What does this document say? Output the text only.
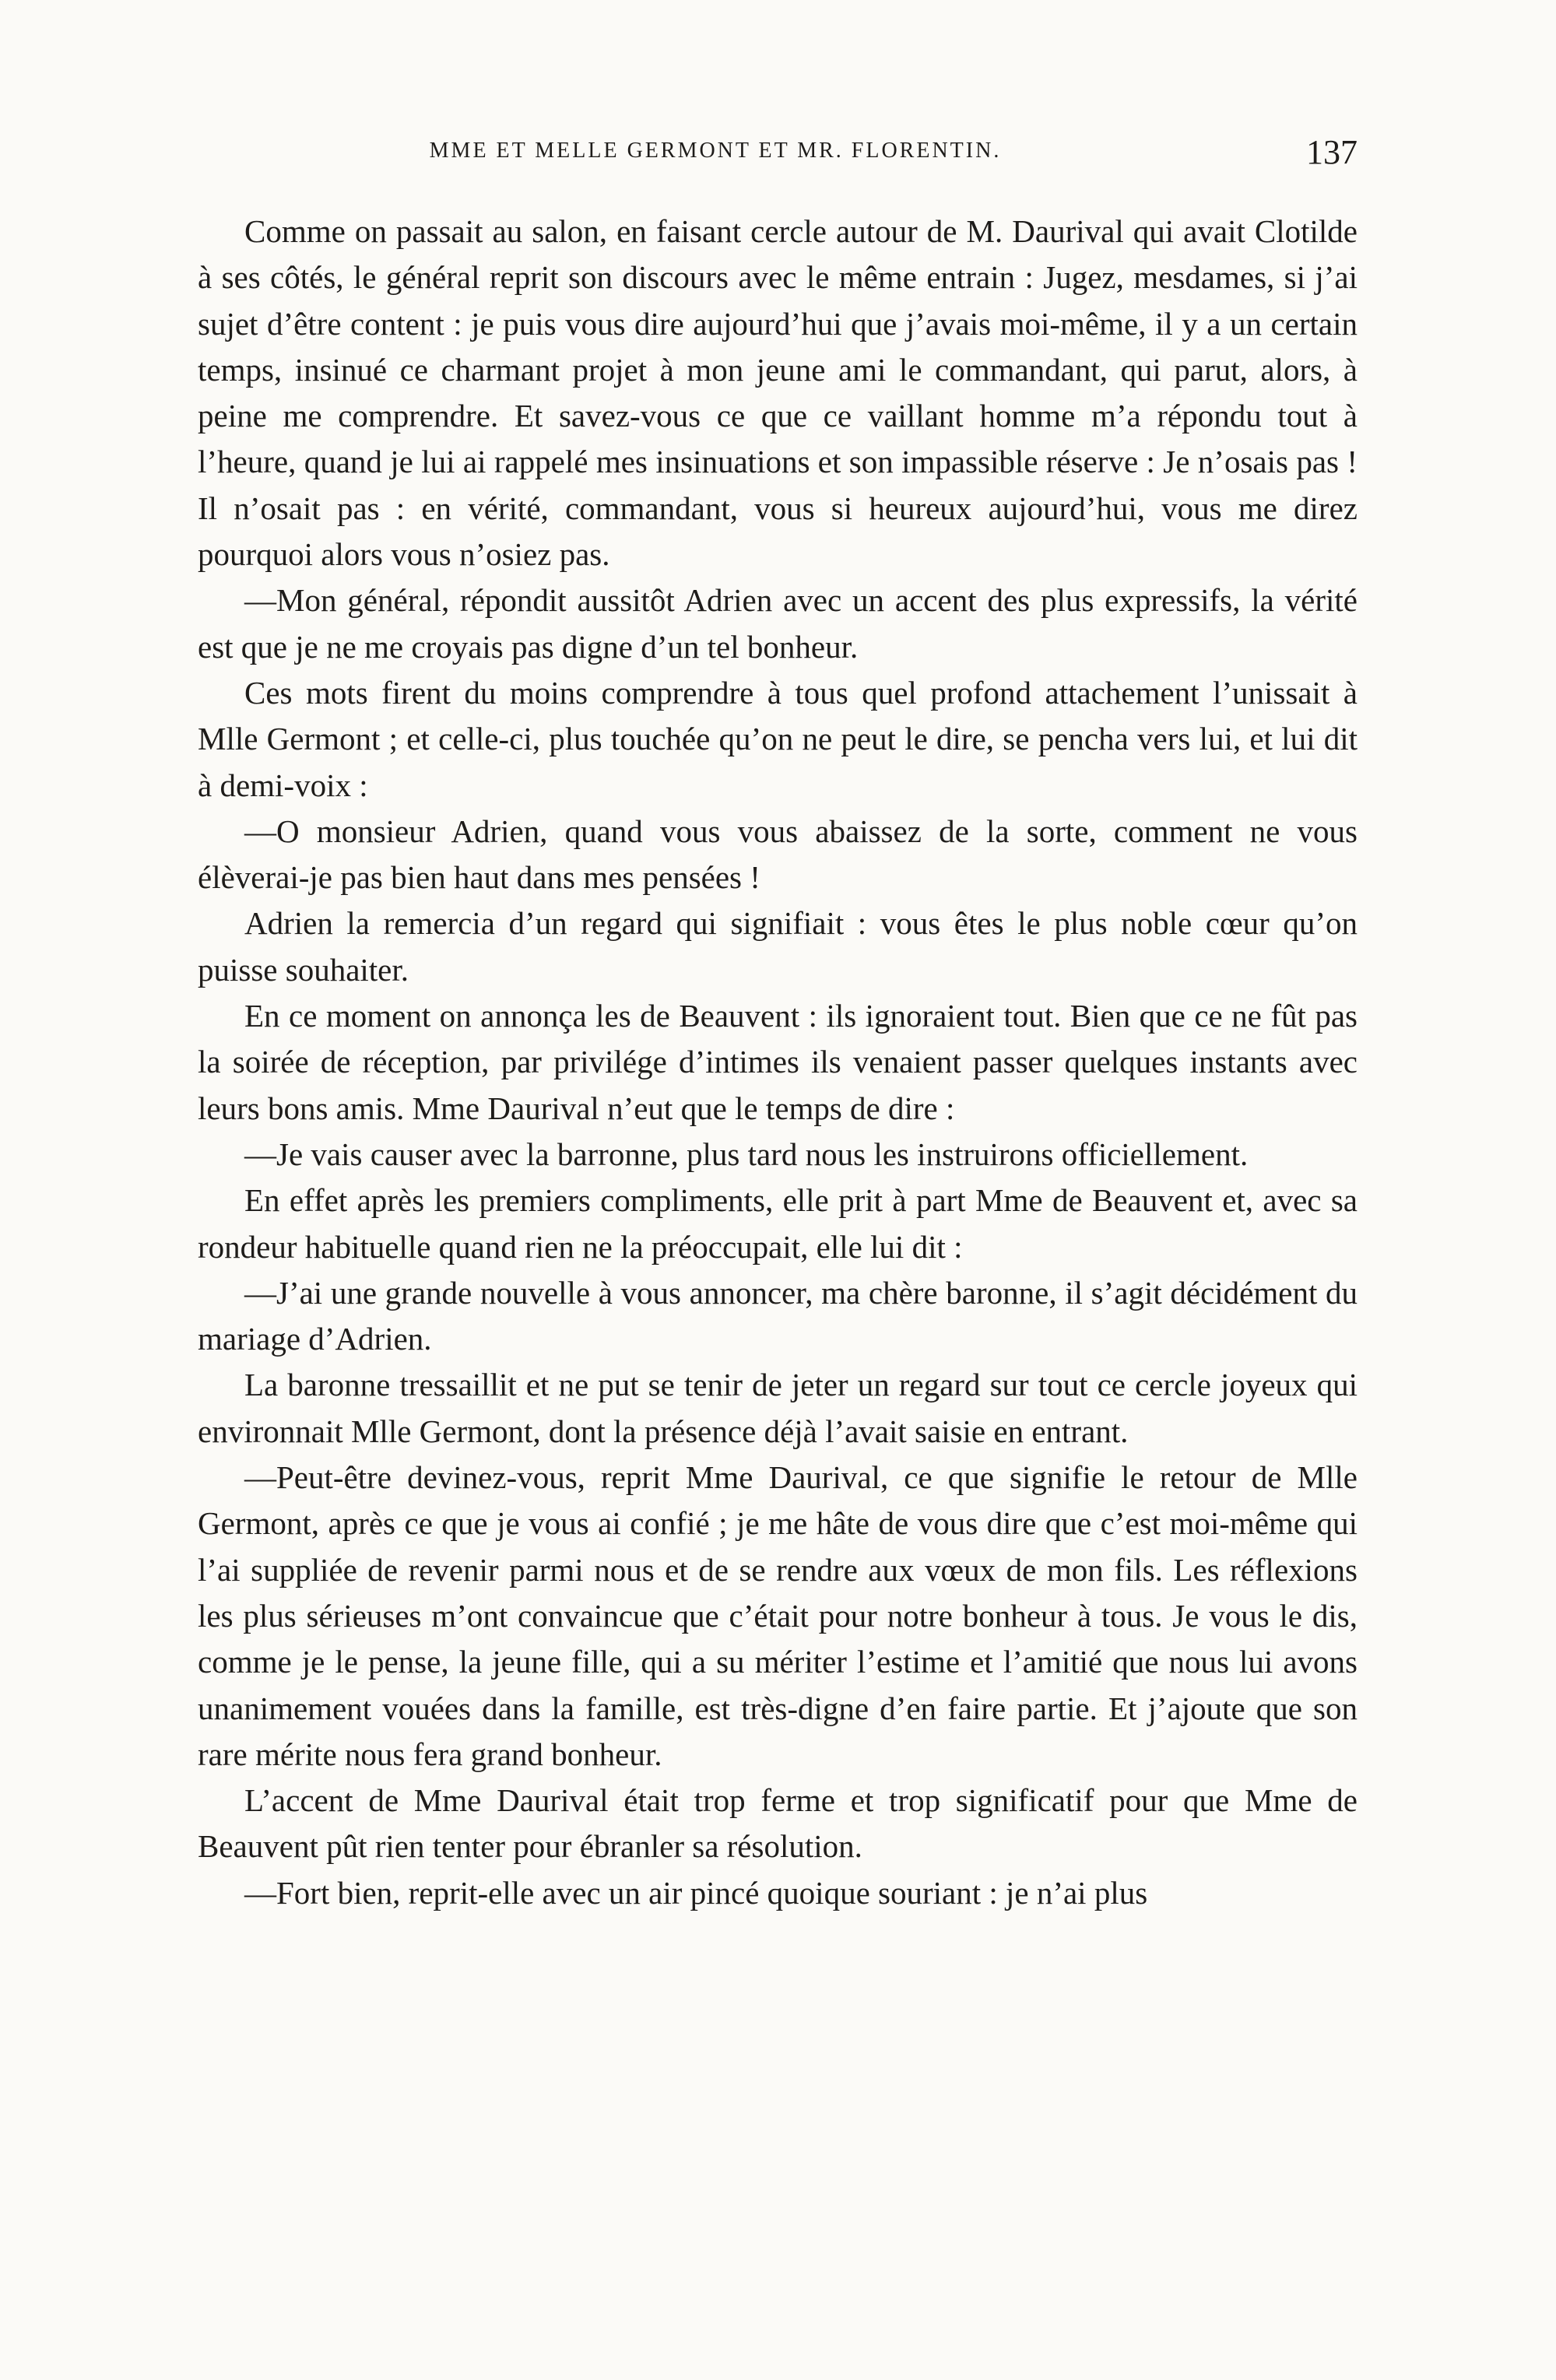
MME ET MELLE GERMONT ET MR. FLORENTIN.	137

Comme on passait au salon, en faisant cercle autour de M. Daurival qui avait Clotilde à ses côtés, le général reprit son discours avec le même entrain : Jugez, mesdames, si j’ai sujet d’être content : je puis vous dire aujourd’hui que j’avais moi-même, il y a un certain temps, insinué ce charmant projet à mon jeune ami le commandant, qui parut, alors, à peine me comprendre. Et savez-vous ce que ce vaillant homme m’a répondu tout à l’heure, quand je lui ai rappelé mes insinuations et son impassible réserve : Je n’osais pas ! Il n’osait pas : en vérité, commandant, vous si heureux aujourd’hui, vous me direz pourquoi alors vous n’osiez pas.

—Mon général, répondit aussitôt Adrien avec un accent des plus expressifs, la vérité est que je ne me croyais pas digne d’un tel bonheur.

Ces mots firent du moins comprendre à tous quel profond attachement l’unissait à Mlle Germont ; et celle-ci, plus touchée qu’on ne peut le dire, se pencha vers lui, et lui dit à demi-voix :

—O monsieur Adrien, quand vous vous abaissez de la sorte, comment ne vous élèverai-je pas bien haut dans mes pensées !

Adrien la remercia d’un regard qui signifiait : vous êtes le plus noble cœur qu’on puisse souhaiter.

En ce moment on annonça les de Beauvent : ils ignoraient tout. Bien que ce ne fût pas la soirée de réception, par privilége d’intimes ils venaient passer quelques instants avec leurs bons amis. Mme Daurival n’eut que le temps de dire :

—Je vais causer avec la barronne, plus tard nous les instruirons officiellement.

En effet après les premiers compliments, elle prit à part Mme de Beauvent et, avec sa rondeur habituelle quand rien ne la préoccupait, elle lui dit :

—J’ai une grande nouvelle à vous annoncer, ma chère baronne, il s’agit décidément du mariage d’Adrien.

La baronne tressaillit et ne put se tenir de jeter un regard sur tout ce cercle joyeux qui environnait Mlle Germont, dont la présence déjà l’avait saisie en entrant.

—Peut-être devinez-vous, reprit Mme Daurival, ce que signifie le retour de Mlle Germont, après ce que je vous ai confié ; je me hâte de vous dire que c’est moi-même qui l’ai suppliée de revenir parmi nous et de se rendre aux vœux de mon fils. Les réflexions les plus sérieuses m’ont convaincue que c’était pour notre bonheur à tous. Je vous le dis, comme je le pense, la jeune fille, qui a su mériter l’estime et l’amitié que nous lui avons unanimement vouées dans la famille, est très-digne d’en faire partie. Et j’ajoute que son rare mérite nous fera grand bonheur.

L’accent de Mme Daurival était trop ferme et trop significatif pour que Mme de Beauvent pût rien tenter pour ébranler sa résolution.

—Fort bien, reprit-elle avec un air pincé quoique souriant : je n’ai plus
